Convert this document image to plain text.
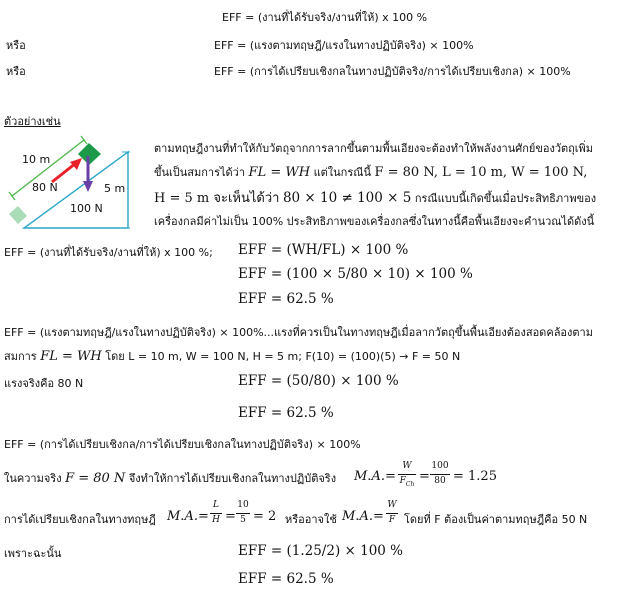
EFF = (งานที่ได้รับจริง/งานที่ให้) x 100 %
หรือ	EFF = (แรงตามทฤษฎี/แรงในทางปฏิบัติจริง) × 100%
หรือ	EFF = (การได้เปรียบเชิงกลในทางปฏิบัติจริง/การได้เปรียบเชิงกล) × 100%
ตัวอย่างเช่น
10 m
80 N	5 m
100 N
ตามทฤษฎีงานที่ทำให้กับวัตถุจากการลากขึ้นตามพื้นเอียงจะต้องทำให้พลังงานศักย์ของวัตถุเพิ่ม
ขึ้นเป็นสมการได้ว่า FL = WH แต่ในกรณีนี้ F = 80 N, L = 10 m, W = 100 N,
H = 5 m จะเห็นได้ว่า 80 × 10 ≠ 100 × 5 กรณีแบบนี้เกิดขึ้นเมื่อประสิทธิภาพของ
เครื่องกลมีค่าไม่เป็น 100% ประสิทธิภาพของเครื่องกลซึ่งในทางนี้คือพื้นเอียงจะคำนวณได้ดังนี้
EFF = (งานที่ได้รับจริง/งานที่ให้) x 100 %; EFF = (WH/FL) × 100 %
EFF = (100 × 5/80 × 10) × 100 %
EFF = 62.5 %
EFF = (แรงตามทฤษฎี/แรงในทางปฏิบัติจริง) × 100%...แรงที่ควรเป็นในทางทฤษฎีเมื่อลากวัตถุขึ้นพื้นเอียงต้องสอดคล้องตาม
สมการ FL = WH โดย L = 10 m, W = 100 N, H = 5 m; F(10) = (100)(5) → F = 50 N
แรงจริงคือ 80 N	EFF = (50/80) × 100 %
EFF = 62.5 %
EFF = (การได้เปรียบเชิงกล/การได้เปรียบเชิงกลในทางปฏิบัติจริง) × 100%
ในความจริง F = 80 N จึงทำให้การได้เปรียบเชิงกลในทางปฏิบัติจริง M.A.=
W
$F_{Ch}$
=
100
80 = 1.25
การได้เปรียบเชิงกลในทางทฤษฎี M.A.=
L
H =
10
5 = 2 หรืออาจใช้ M.A.=
W
F โดยที่ F ต้องเป็นค่าตามทฤษฎีคือ 50 N
เพราะฉะนั้น	EFF = (1.25/2) × 100 %
EFF = 62.5 %
